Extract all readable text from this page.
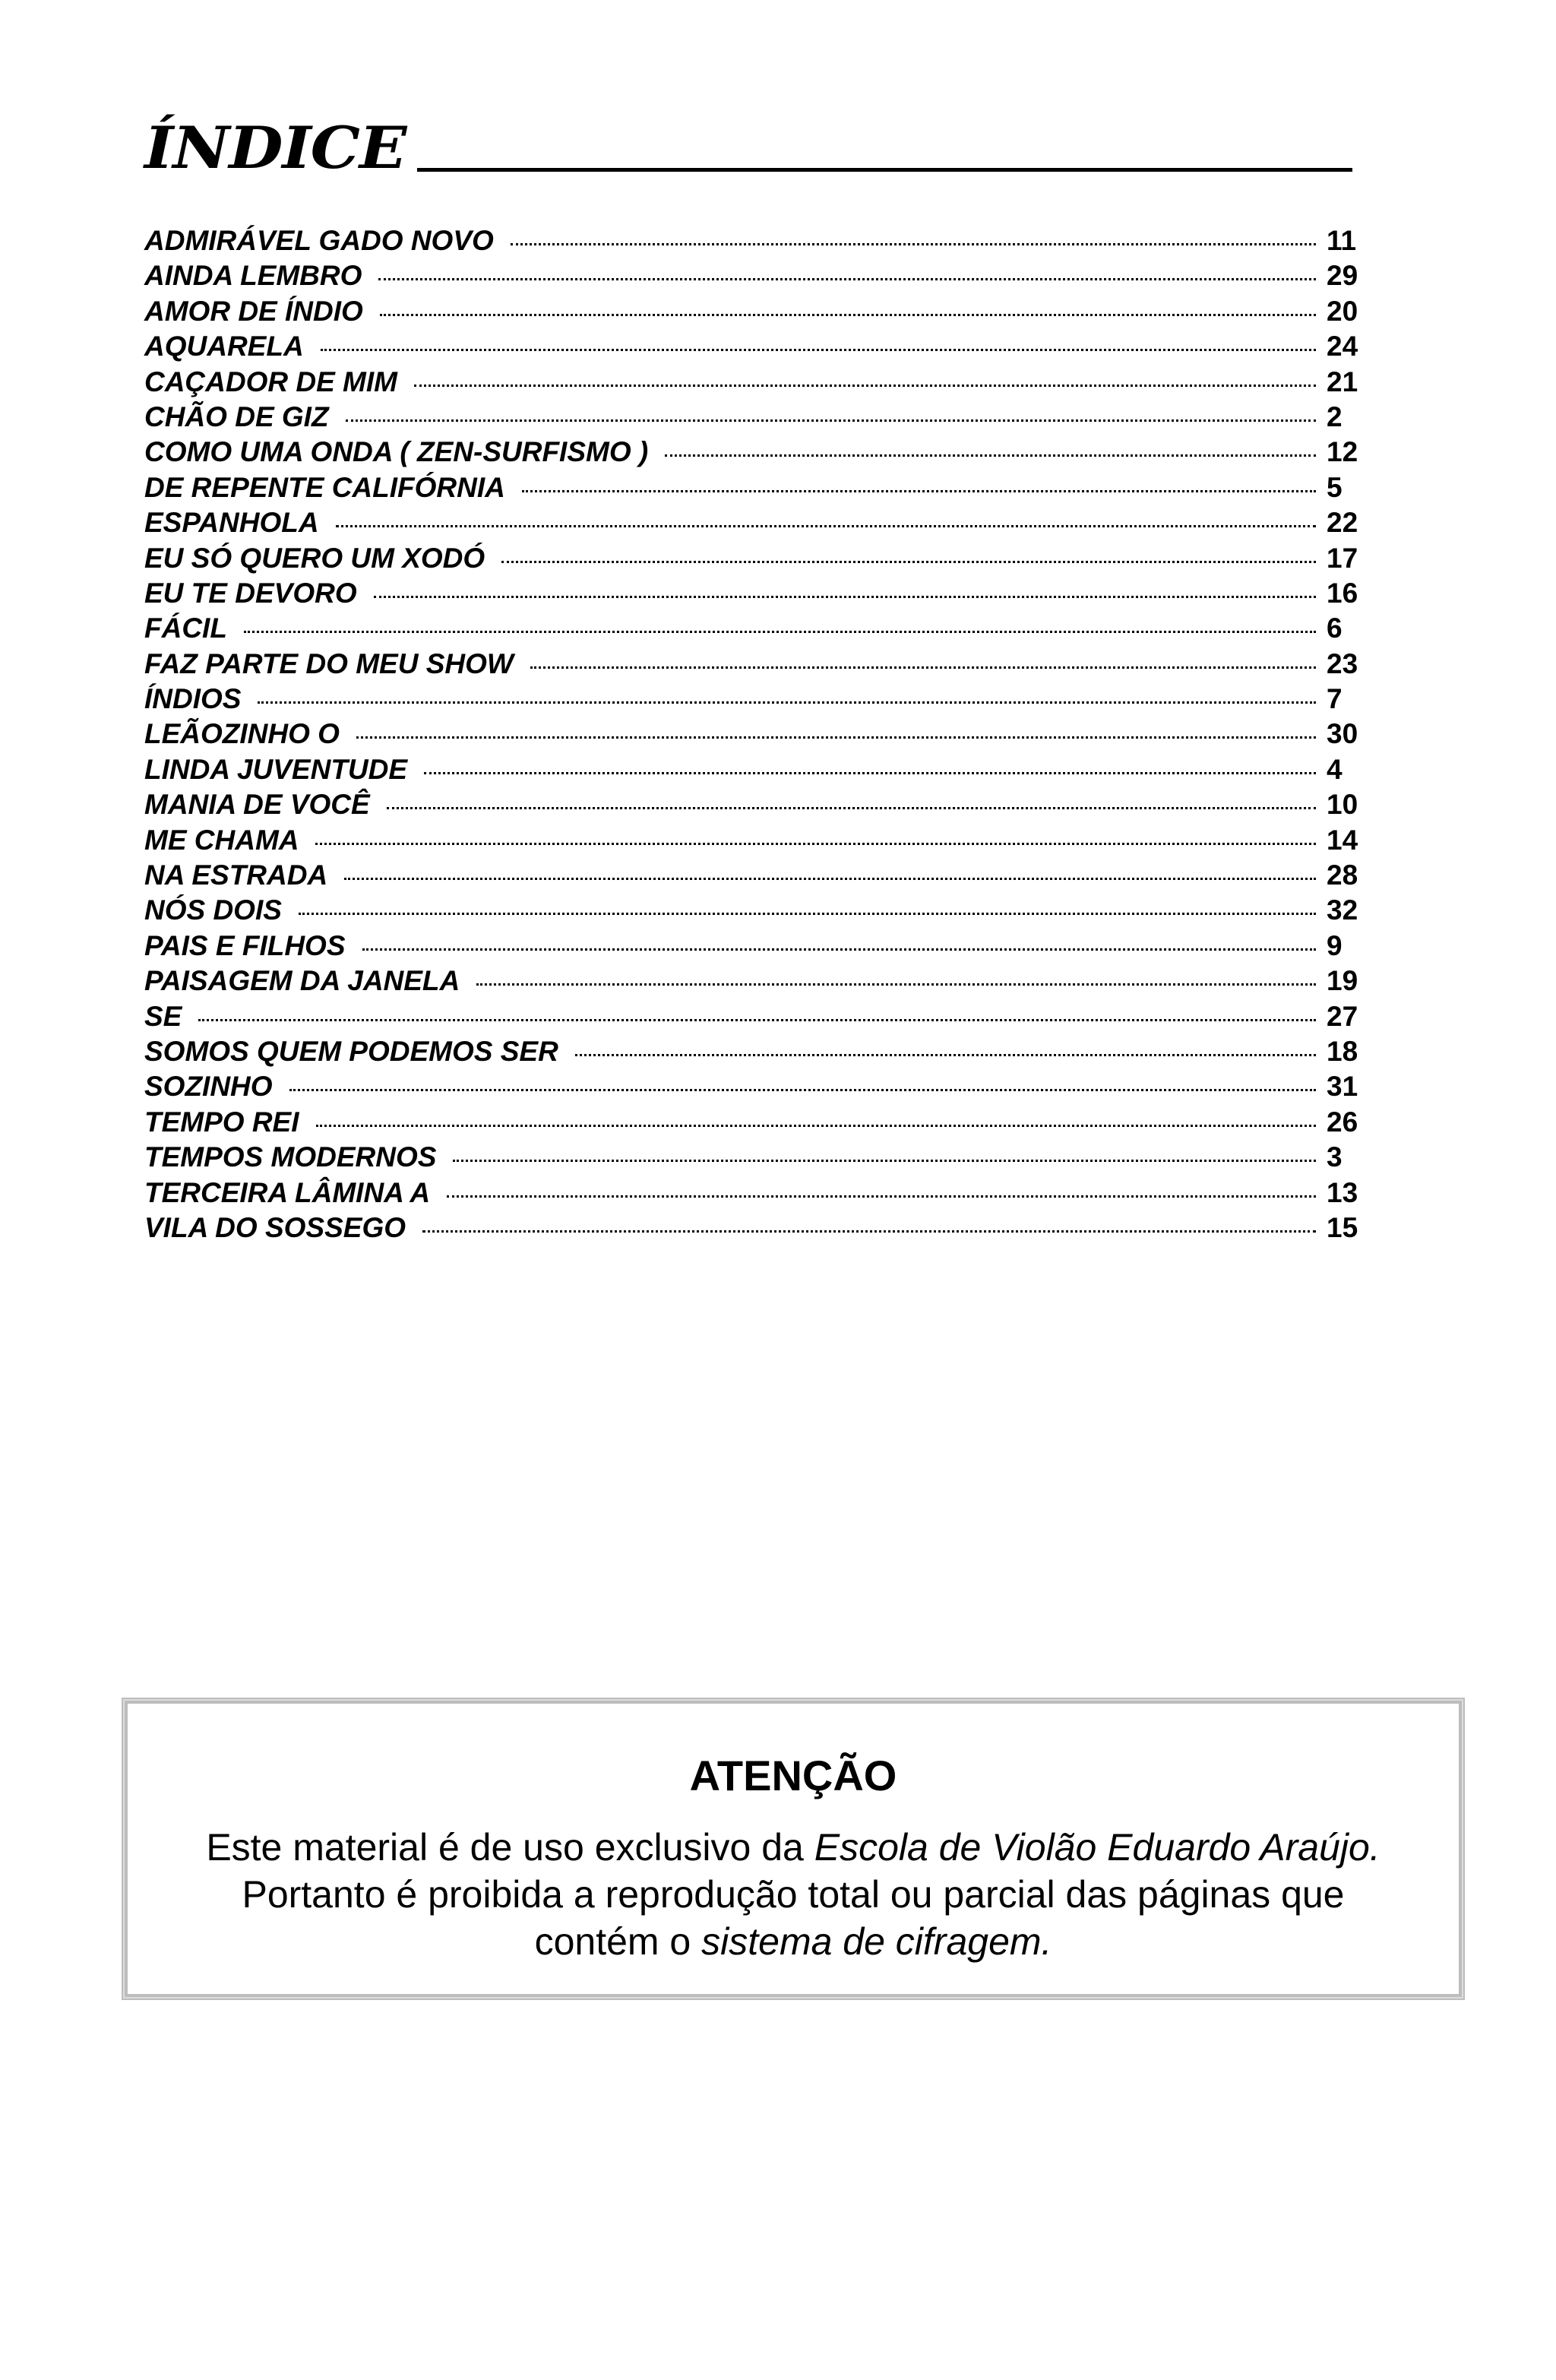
ÍNDICE
ADMIRÁVEL GADO NOVO	11
AINDA LEMBRO	29
AMOR DE ÍNDIO	20
AQUARELA	24
CAÇADOR DE MIM	21
CHÃO DE GIZ	2
COMO UMA ONDA ( ZEN-SURFISMO )	12
DE REPENTE CALIFÓRNIA	5
ESPANHOLA	22
EU SÓ QUERO UM XODÓ	17
EU TE DEVORO	16
FÁCIL	6
FAZ PARTE DO MEU SHOW	23
ÍNDIOS	7
LEÃOZINHO O	30
LINDA JUVENTUDE	4
MANIA DE VOCÊ	10
ME CHAMA	14
NA ESTRADA	28
NÓS DOIS	32
PAIS E FILHOS	9
PAISAGEM DA JANELA	19
SE	27
SOMOS QUEM PODEMOS SER	18
SOZINHO	31
TEMPO REI	26
TEMPOS MODERNOS	3
TERCEIRA LÂMINA A	13
VILA DO SOSSEGO	15
ATENÇÃO
Este material é de uso exclusivo da Escola de Violão Eduardo Araújo.
Portanto é proibida a reprodução total ou parcial das páginas que
contém o sistema de cifragem.
